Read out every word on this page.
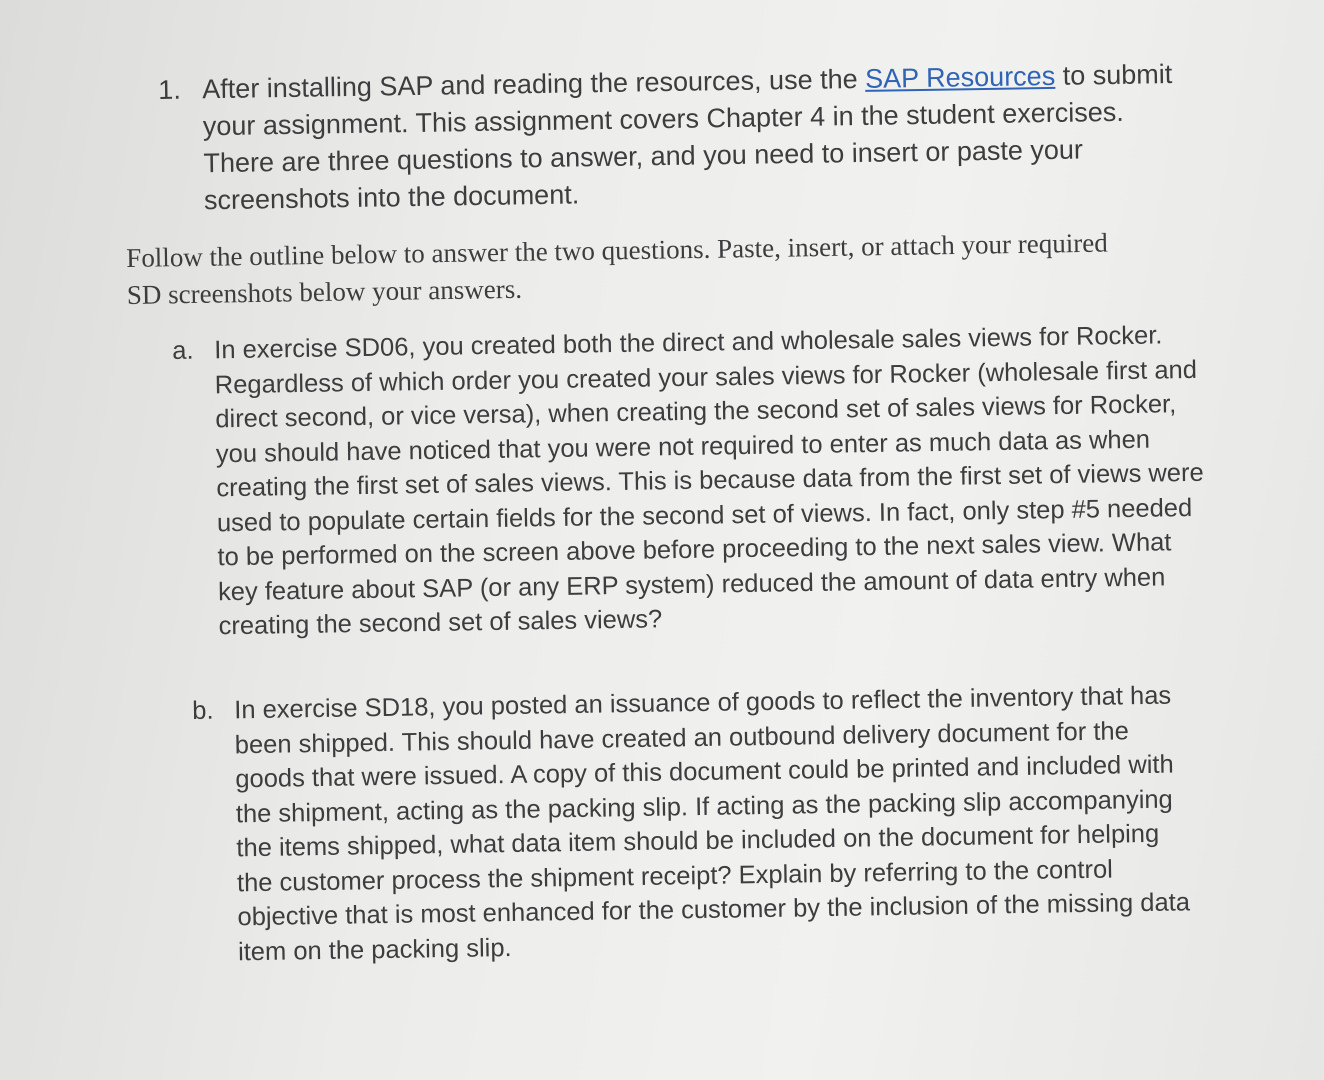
1. After installing SAP and reading the resources, use the SAP Resources to submit your assignment. This assignment covers Chapter 4 in the student exercises. There are three questions to answer, and you need to insert or paste your screenshots into the document.

Follow the outline below to answer the two questions. Paste, insert, or attach your required SD screenshots below your answers.

a. In exercise SD06, you created both the direct and wholesale sales views for Rocker. Regardless of which order you created your sales views for Rocker (wholesale first and direct second, or vice versa), when creating the second set of sales views for Rocker, you should have noticed that you were not required to enter as much data as when creating the first set of sales views. This is because data from the first set of views were used to populate certain fields for the second set of views. In fact, only step #5 needed to be performed on the screen above before proceeding to the next sales view. What key feature about SAP (or any ERP system) reduced the amount of data entry when creating the second set of sales views?

b. In exercise SD18, you posted an issuance of goods to reflect the inventory that has been shipped. This should have created an outbound delivery document for the goods that were issued. A copy of this document could be printed and included with the shipment, acting as the packing slip. If acting as the packing slip accompanying the items shipped, what data item should be included on the document for helping the customer process the shipment receipt? Explain by referring to the control objective that is most enhanced for the customer by the inclusion of the missing data item on the packing slip.
